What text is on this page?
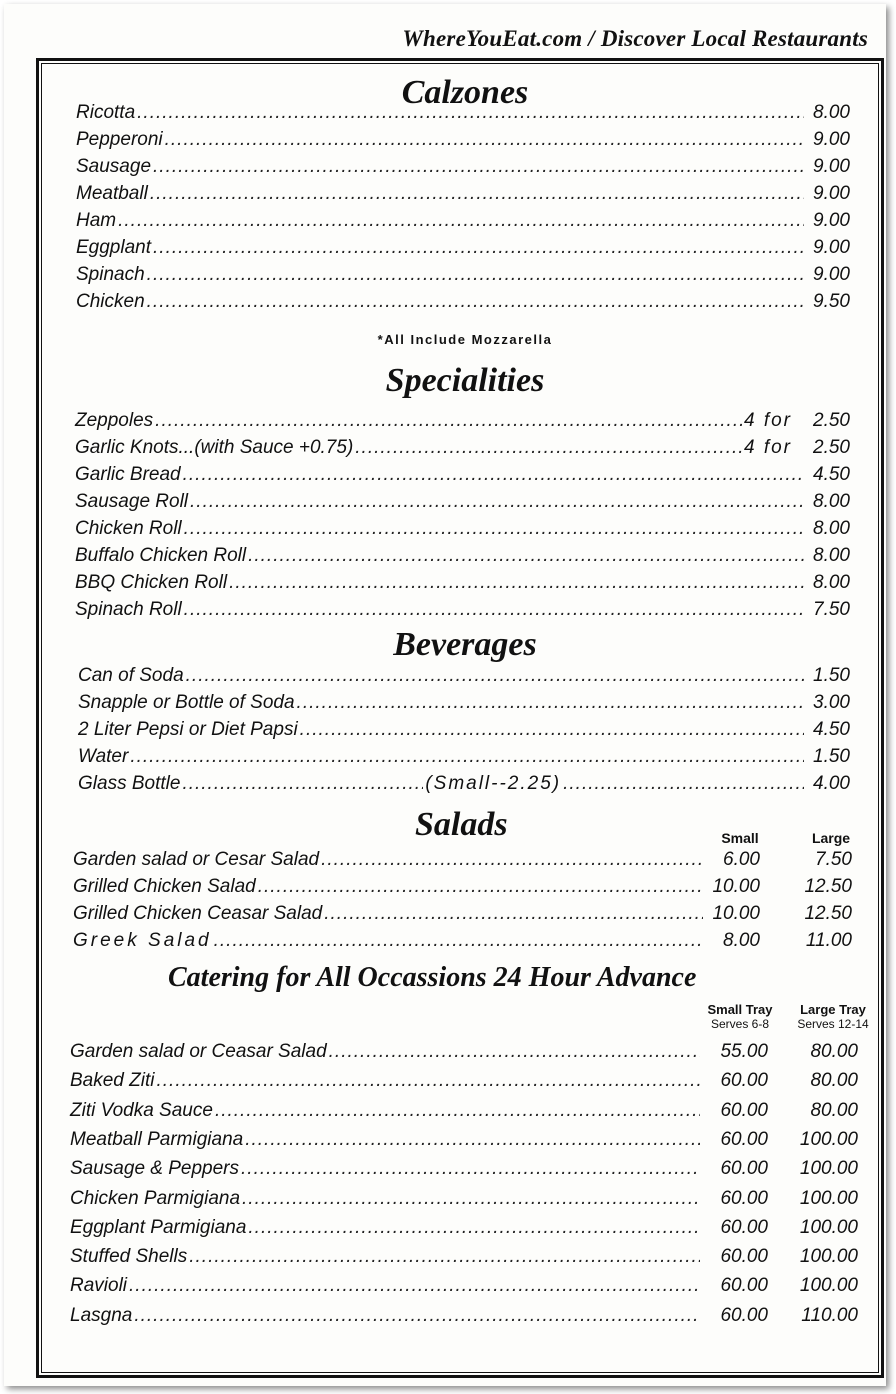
WhereYouEat.com / Discover Local Restaurants
Calzones
Ricotta .....	8.00
Pepperoni .....	9.00
Sausage .....	9.00
Meatball .....	9.00
Ham .....	9.00
Eggplant .....	9.00
Spinach .....	9.00
Chicken .....	9.50
*All Include Mozzarella
Specialities
Zeppoles .....	4 for	2.50
Garlic Knots...(with Sauce +0.75) .....	4 for	2.50
Garlic Bread .....	4.50
Sausage Roll .....	8.00
Chicken Roll .....	8.00
Buffalo Chicken Roll .....	8.00
BBQ Chicken Roll .....	8.00
Spinach Roll .....	7.50
Beverages
Can of Soda .....	1.50
Snapple or Bottle of Soda .....	3.00
2 Liter Pepsi or Diet Papsi .....	4.50
Water .....	1.50
Glass Bottle .....	(Small--2.25) .....	4.00
Salads	Small	Large
Garden salad or Cesar Salad .....	6.00	7.50
Grilled Chicken Salad .....	10.00	12.50
Grilled Chicken Ceasar Salad .....	10.00	12.50
Greek Salad .....	8.00	11.00
Catering for All Occassions 24 Hour Advance
Small Tray
Serves 6-8
Large Tray
Serves 12-14
Garden salad or Ceasar Salad .....	55.00	80.00
Baked Ziti .....	60.00	80.00
Ziti Vodka Sauce .....	60.00	80.00
Meatball Parmigiana .....	60.00	100.00
Sausage & Peppers .....	60.00	100.00
Chicken Parmigiana .....	60.00	100.00
Eggplant Parmigiana .....	60.00	100.00
Stuffed Shells .....	60.00	100.00
Ravioli .....	60.00	100.00
Lasgna .....	60.00	110.00
